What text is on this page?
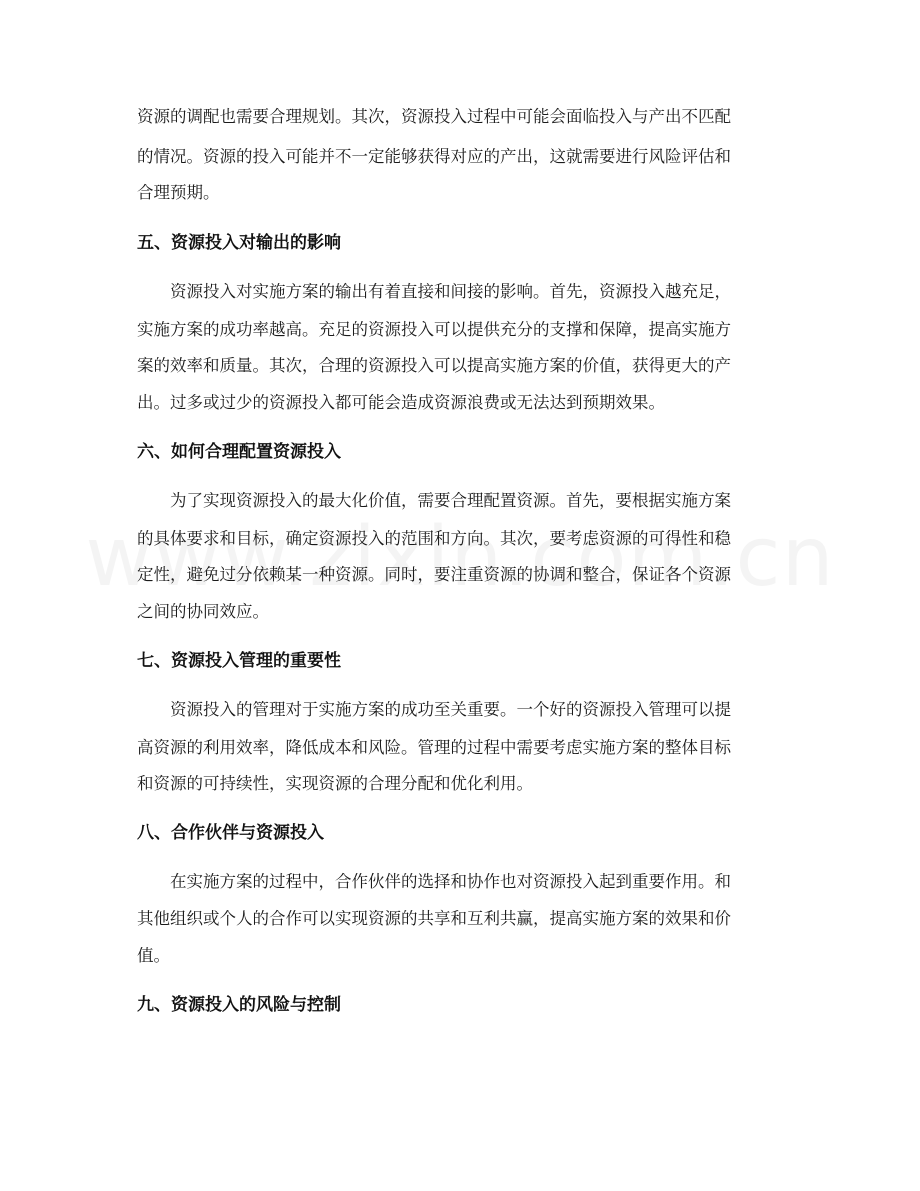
资源的调配也需要合理规划。其次，资源投入过程中可能会面临投入与产出不匹配
的情况。资源的投入可能并不一定能够获得对应的产出，这就需要进行风险评估和
合理预期。
五、资源投入对输出的影响
资源投入对实施方案的输出有着直接和间接的影响。首先，资源投入越充足，
实施方案的成功率越高。充足的资源投入可以提供充分的支撑和保障，提高实施方
案的效率和质量。其次，合理的资源投入可以提高实施方案的价值，获得更大的产
出。过多或过少的资源投入都可能会造成资源浪费或无法达到预期效果。
六、如何合理配置资源投入
为了实现资源投入的最大化价值，需要合理配置资源。首先，要根据实施方案
的具体要求和目标，确定资源投入的范围和方向。其次，要考虑资源的可得性和稳
定性，避免过分依赖某一种资源。同时，要注重资源的协调和整合，保证各个资源
之间的协同效应。
七、资源投入管理的重要性
资源投入的管理对于实施方案的成功至关重要。一个好的资源投入管理可以提
高资源的利用效率，降低成本和风险。管理的过程中需要考虑实施方案的整体目标
和资源的可持续性，实现资源的合理分配和优化利用。
八、合作伙伴与资源投入
在实施方案的过程中，合作伙伴的选择和协作也对资源投入起到重要作用。和
其他组织或个人的合作可以实现资源的共享和互利共赢，提高实施方案的效果和价
值。
九、资源投入的风险与控制
